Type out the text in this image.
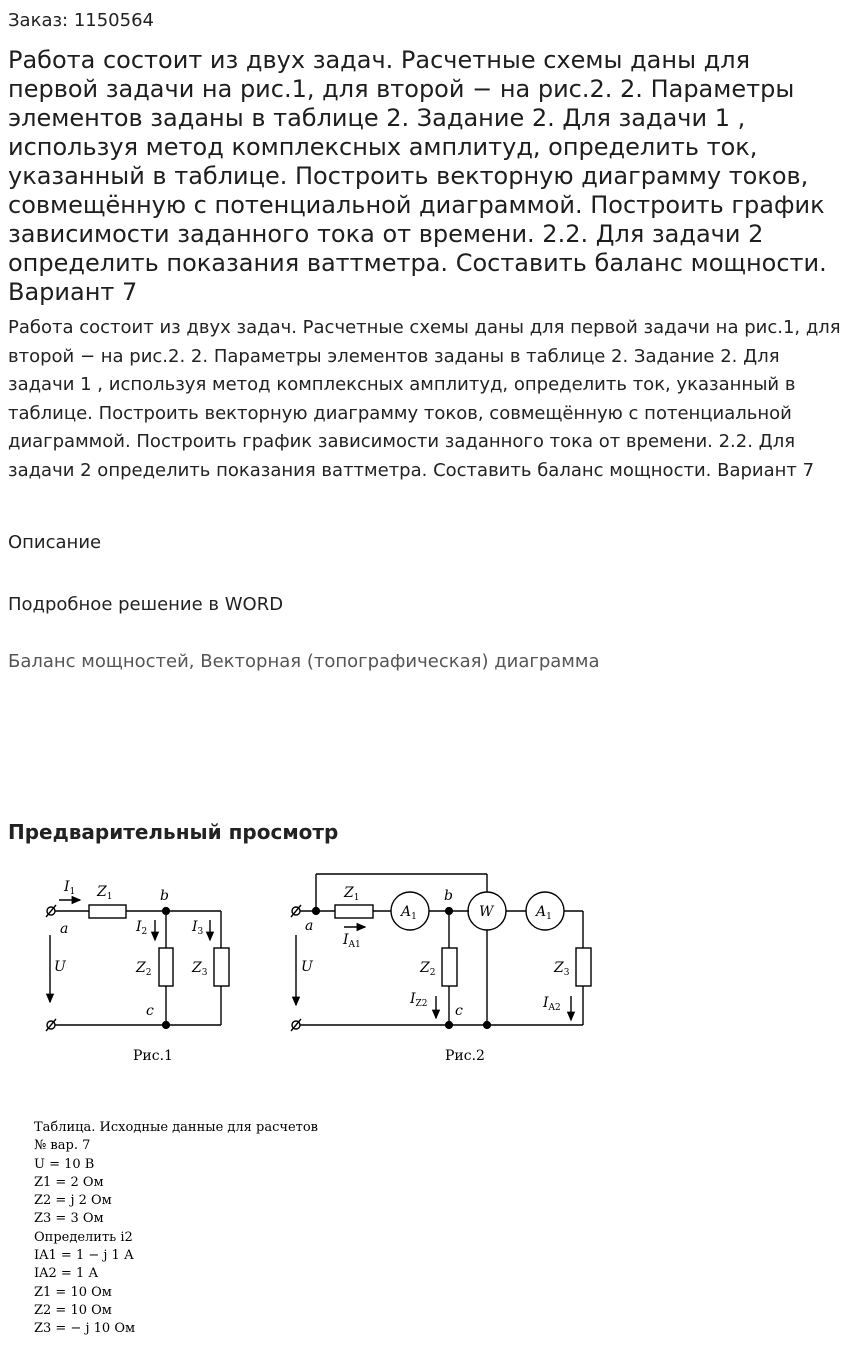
Заказ: 1150564
Работа состоит из двух задач. Расчетные схемы даны для первой задачи на рис.1, для второй − на рис.2. 2. Параметры элементов заданы в таблице 2. Задание 2. Для задачи 1 , используя метод комплексных амплитуд, определить ток, указанный в таблице. Построить векторную диаграмму токов, совмещённую с потенциальной диаграммой. Построить график зависимости заданного тока от времени. 2.2. Для задачи 2 определить показания ваттметра. Составить баланс мощности. Вариант 7

Работа состоит из двух задач. Расчетные схемы даны для первой задачи на рис.1, для второй − на рис.2. 2. Параметры элементов заданы в таблице 2. Задание 2. Для задачи 1 , используя метод комплексных амплитуд, определить ток, указанный в таблице. Построить векторную диаграмму токов, совмещённую с потенциальной диаграммой. Построить график зависимости заданного тока от времени. 2.2. Для задачи 2 определить показания ваттметра. Составить баланс мощности. Вариант 7

Описание
Подробное решение в WORD
Баланс мощностей, Векторная (топографическая) диаграмма
Предварительный просмотр
$I_1$ $Z_1$	b
a
U
$I_2$	$I_3$
$Z_2$	$Z_3$
c
Рис.1
$Z_1$	b
a
$I_{A1}$
$A_1$	W	$A_1$
U	$Z_2$	$Z_3$
$I_{Z2}$	$I_{A2}$
c
Рис.2
Таблица. Исходные данные для расчетов
№ вар. 7
U = 10 В
Z1 = 2 Ом
Z2 = j 2 Ом
Z3 = 3 Ом
Определить i2
IA1 = 1 − j 1 А
IA2 = 1 А
Z1 = 10 Ом
Z2 = 10 Ом
Z3 = − j 10 Ом
